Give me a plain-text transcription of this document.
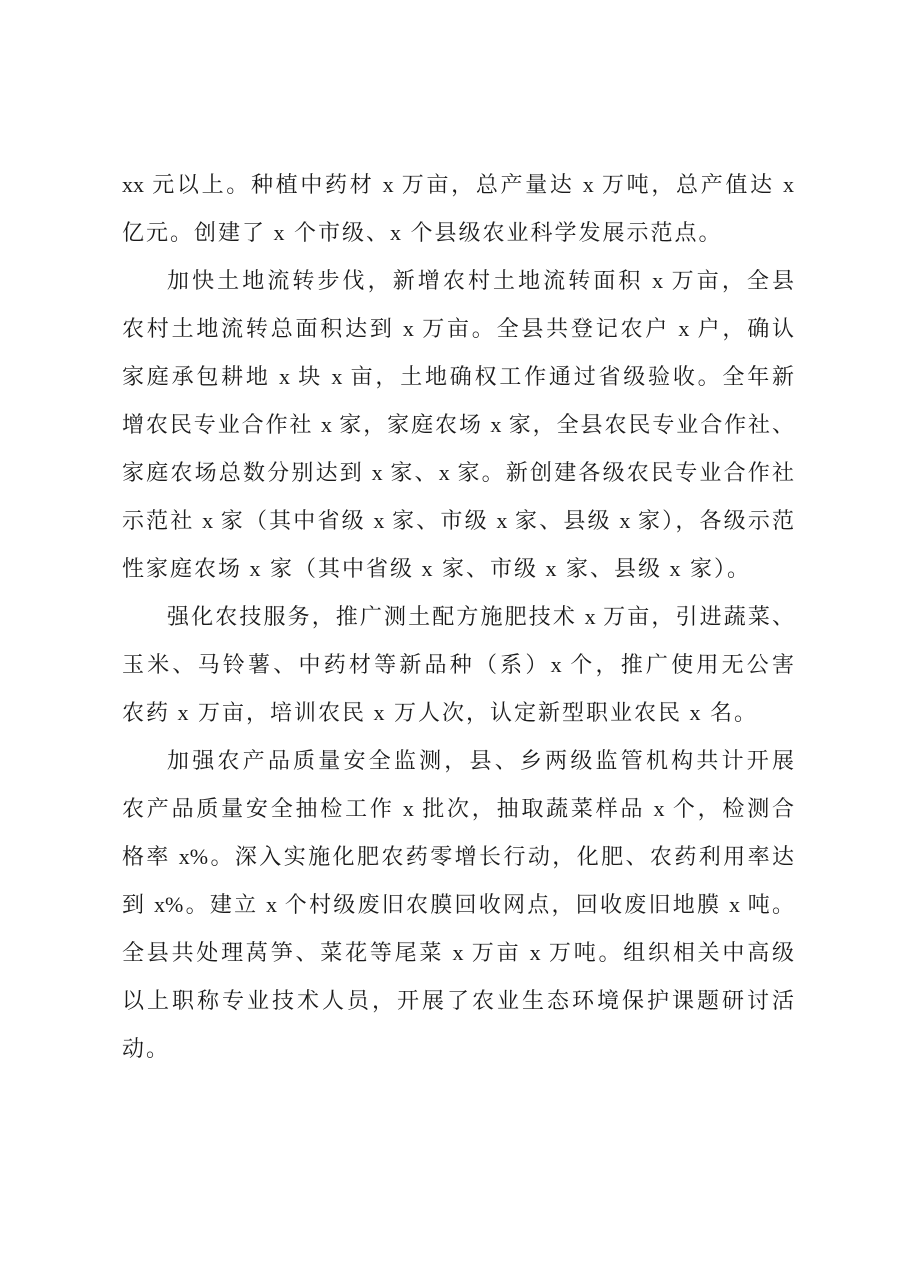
xx 元以上。种植中药材 x 万亩，总产量达 x 万吨，总产值达 x
亿元。创建了 x 个市级、x 个县级农业科学发展示范点。
加快土地流转步伐，新增农村土地流转面积 x 万亩，全县
农村土地流转总面积达到 x 万亩。全县共登记农户 x 户，确认
家庭承包耕地 x 块 x 亩，土地确权工作通过省级验收。全年新
增农民专业合作社 x 家，家庭农场 x 家，全县农民专业合作社、
家庭农场总数分别达到 x 家、x 家。新创建各级农民专业合作社
示范社 x 家（其中省级 x 家、市级 x 家、县级 x 家），各级示范
性家庭农场 x 家（其中省级 x 家、市级 x 家、县级 x 家）。
强化农技服务，推广测土配方施肥技术 x 万亩，引进蔬菜、
玉米、马铃薯、中药材等新品种（系）x 个，推广使用无公害
农药 x 万亩，培训农民 x 万人次，认定新型职业农民 x 名。
加强农产品质量安全监测，县、乡两级监管机构共计开展
农产品质量安全抽检工作 x 批次，抽取蔬菜样品 x 个，检测合
格率 x%。深入实施化肥农药零增长行动，化肥、农药利用率达
到 x%。建立 x 个村级废旧农膜回收网点，回收废旧地膜 x 吨。
全县共处理莴笋、菜花等尾菜 x 万亩 x 万吨。组织相关中高级
以上职称专业技术人员，开展了农业生态环境保护课题研讨活
动。
